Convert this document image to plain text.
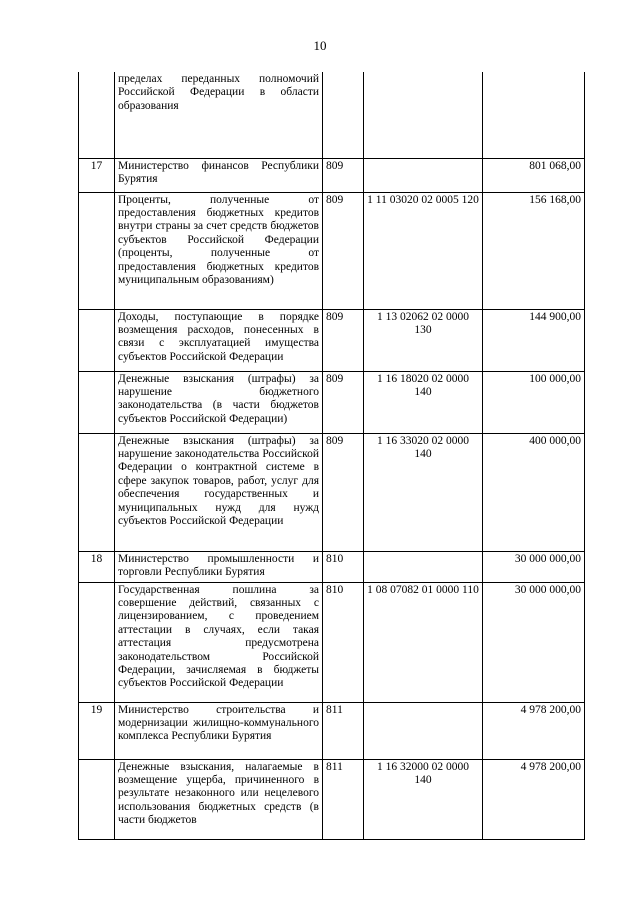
10
	пределах переданных полномочий Российской Федерации в области образования			
17	Министерство финансов Республики Бурятия	809		801 068,00
	Проценты, полученные от предоставления бюджетных кредитов внутри страны за счет средств бюджетов субъектов Российской Федерации (проценты, полученные от предоставления бюджетных кредитов муниципальным образованиям)	809	1 11 03020 02 0005 120	156 168,00
	Доходы, поступающие в порядке возмещения расходов, понесенных в связи с эксплуатацией имущества субъектов Российской Федерации	809	1 13 02062 02 0000 130	144 900,00
	Денежные взыскания (штрафы) за нарушение бюджетного законодательства (в части бюджетов субъектов Российской Федерации)	809	1 16 18020 02 0000 140	100 000,00
	Денежные взыскания (штрафы) за нарушение законодательства Российской Федерации о контрактной системе в сфере закупок товаров, работ, услуг для обеспечения государственных и муниципальных нужд для нужд субъектов Российской Федерации	809	1 16 33020 02 0000 140	400 000,00
18	Министерство промышленности и торговли Республики Бурятия	810		30 000 000,00
	Государственная пошлина за совершение действий, связанных с лицензированием, с проведением аттестации в случаях, если такая аттестация предусмотрена законодательством Российской Федерации, зачисляемая в бюджеты субъектов Российской Федерации	810	1 08 07082 01 0000 110	30 000 000,00
19	Министерство строительства и модернизации жилищно-коммунального комплекса Республики Бурятия	811		4 978 200,00
	Денежные взыскания, налагаемые в возмещение ущерба, причиненного в результате незаконного или нецелевого использования бюджетных средств (в части бюджетов	811	1 16 32000 02 0000 140	4 978 200,00
